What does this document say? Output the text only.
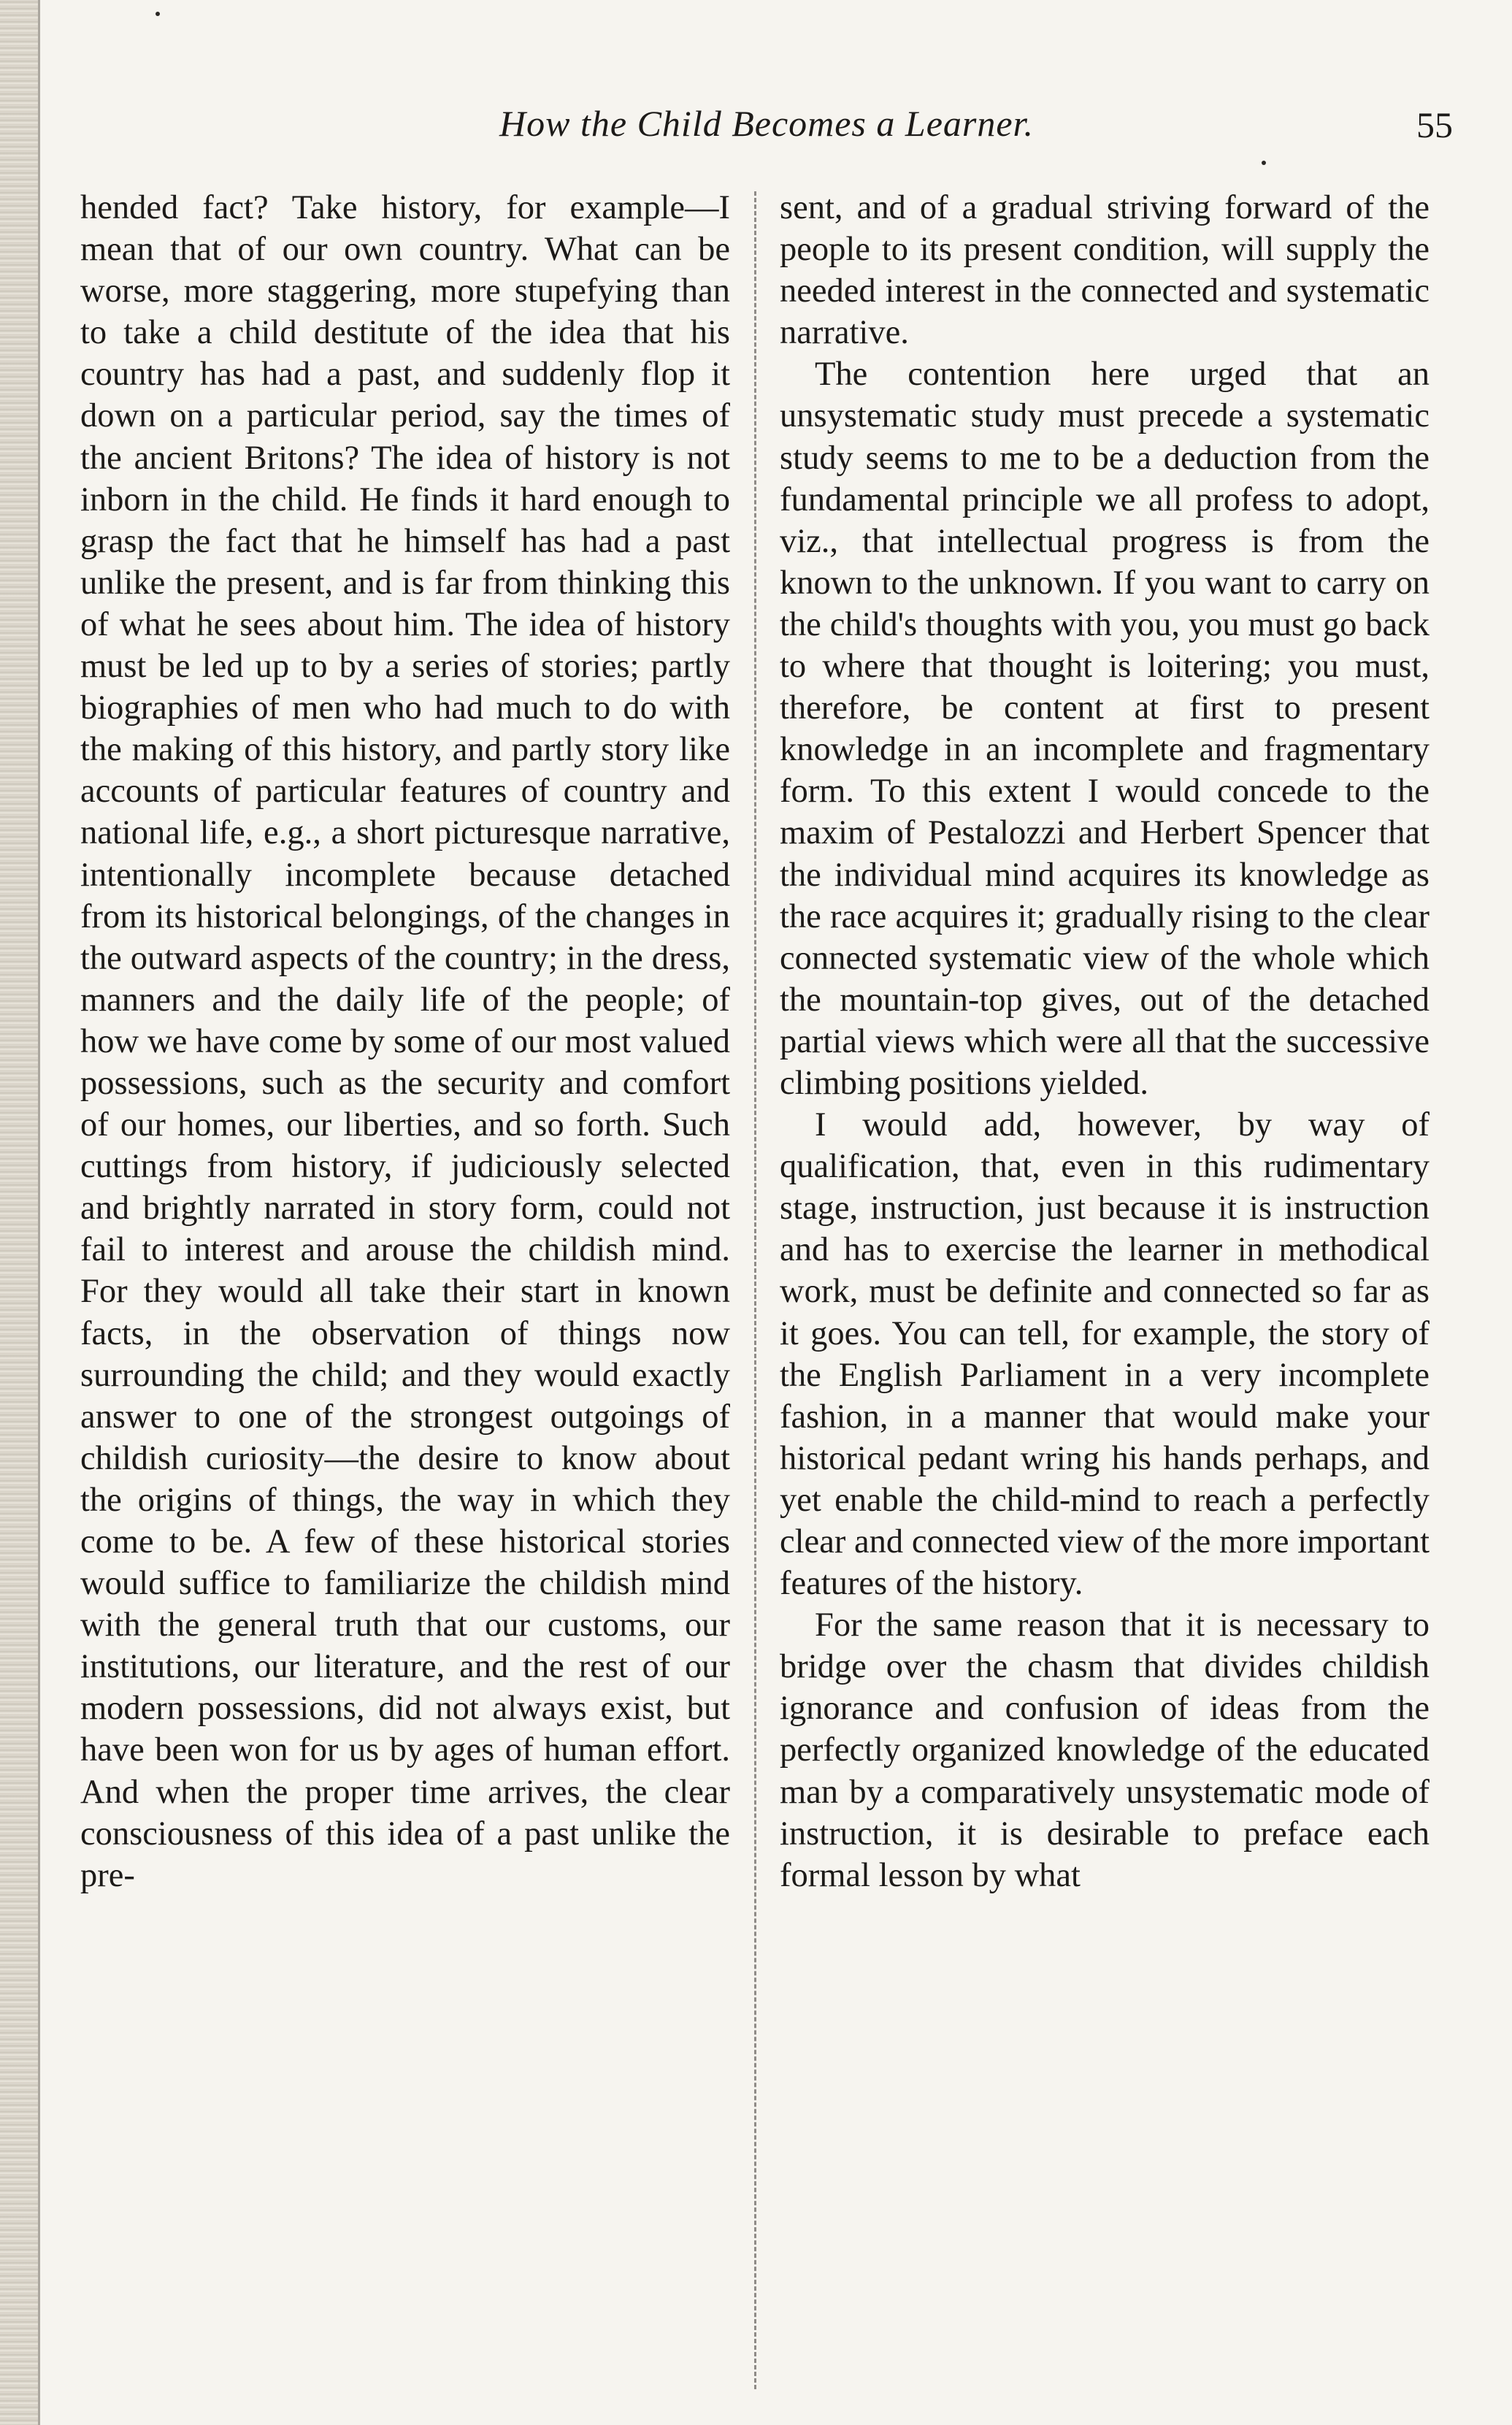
How the Child Becomes a Learner.	55

hended fact? Take history, for example—I mean that of our own country. What can be worse, more staggering, more stupefying than to take a child destitute of the idea that his country has had a past, and suddenly flop it down on a particular period, say the times of the ancient Britons? The idea of history is not inborn in the child. He finds it hard enough to grasp the fact that he himself has had a past unlike the present, and is far from thinking this of what he sees about him. The idea of history must be led up to by a series of stories; partly biographies of men who had much to do with the making of this history, and partly story like accounts of particular features of country and national life, e.g., a short picturesque narrative, intentionally incomplete because detached from its historical belongings, of the changes in the outward aspects of the country; in the dress, manners and the daily life of the people; of how we have come by some of our most valued possessions, such as the security and comfort of our homes, our liberties, and so forth. Such cuttings from history, if judiciously selected and brightly narrated in story form, could not fail to interest and arouse the childish mind. For they would all take their start in known facts, in the observation of things now surrounding the child; and they would exactly answer to one of the strongest outgoings of childish curiosity—the desire to know about the origins of things, the way in which they come to be. A few of these historical stories would suffice to familiarize the childish mind with the general truth that our customs, our institutions, our literature, and the rest of our modern possessions, did not always exist, but have been won for us by ages of human effort. And when the proper time arrives, the clear consciousness of this idea of a past unlike the pre-

sent, and of a gradual striving forward of the people to its present condition, will supply the needed interest in the connected and systematic narrative.

The contention here urged that an unsystematic study must precede a systematic study seems to me to be a deduction from the fundamental principle we all profess to adopt, viz., that intellectual progress is from the known to the unknown. If you want to carry on the child's thoughts with you, you must go back to where that thought is loitering; you must, therefore, be content at first to present knowledge in an incomplete and fragmentary form. To this extent I would concede to the maxim of Pestalozzi and Herbert Spencer that the individual mind acquires its knowledge as the race acquires it; gradually rising to the clear connected systematic view of the whole which the mountain-top gives, out of the detached partial views which were all that the successive climbing positions yielded.

I would add, however, by way of qualification, that, even in this rudimentary stage, instruction, just because it is instruction and has to exercise the learner in methodical work, must be definite and connected so far as it goes. You can tell, for example, the story of the English Parliament in a very incomplete fashion, in a manner that would make your historical pedant wring his hands perhaps, and yet enable the child-mind to reach a perfectly clear and connected view of the more important features of the history.

For the same reason that it is necessary to bridge over the chasm that divides childish ignorance and confusion of ideas from the perfectly organized knowledge of the educated man by a comparatively unsystematic mode of instruction, it is desirable to preface each formal lesson by what
